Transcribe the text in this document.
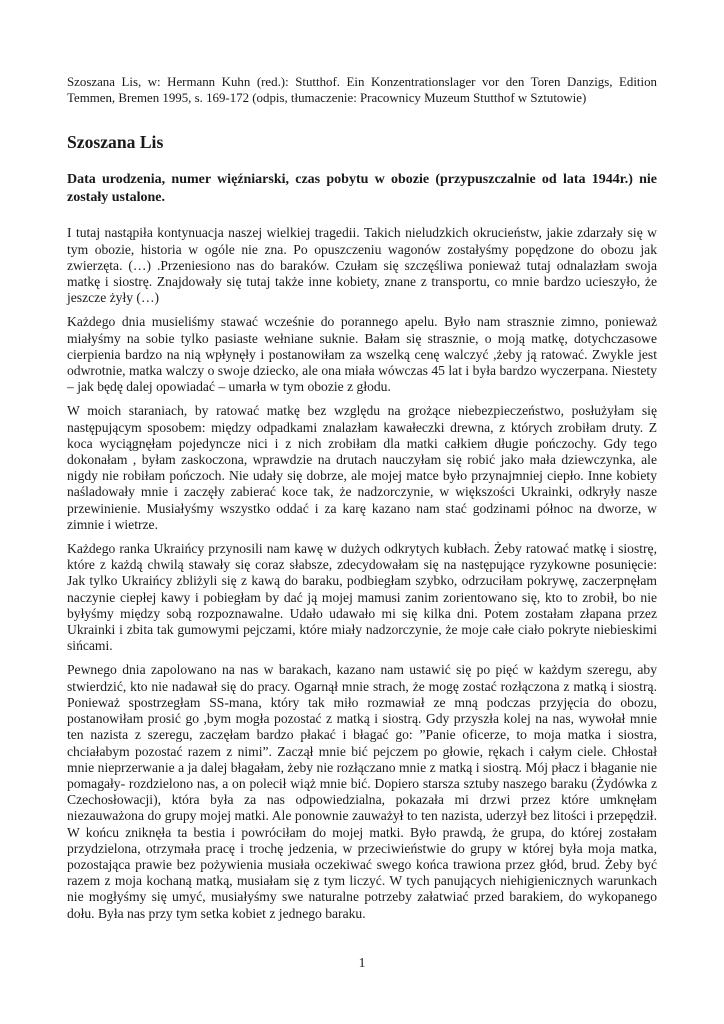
Szoszana Lis, w: Hermann Kuhn (red.): Stutthof. Ein Konzentrationslager vor den Toren Danzigs, Edition Temmen, Bremen 1995, s. 169-172 (odpis, tłumaczenie: Pracownicy Muzeum Stutthof w Sztutowie)

Szoszana Lis

Data urodzenia, numer więźniarski, czas pobytu w obozie (przypuszczalnie od lata 1944r.) nie zostały ustalone.

I tutaj nastąpiła kontynuacja naszej wielkiej tragedii. Takich nieludzkich okrucieństw, jakie zdarzały się w tym obozie, historia w ogóle nie zna. Po opuszczeniu wagonów zostałyśmy popędzone do obozu jak zwierzęta. (…) .Przeniesiono nas do baraków. Czułam się szczęśliwa ponieważ tutaj odnalazłam swoja matkę i siostrę. Znajdowały się tutaj także inne kobiety, znane z transportu, co mnie bardzo ucieszyło, że jeszcze żyły (…)

Każdego dnia musieliśmy stawać wcześnie do porannego apelu. Było nam strasznie zimno, ponieważ miałyśmy na sobie tylko pasiaste wełniane suknie. Bałam się strasznie, o moją matkę, dotychczasowe cierpienia bardzo na nią wpłynęły i postanowiłam za wszelką cenę walczyć ,żeby ją ratować. Zwykle jest odwrotnie, matka walczy o swoje dziecko, ale ona miała wówczas 45 lat i była bardzo wyczerpana. Niestety – jak będę dalej opowiadać – umarła w tym obozie z głodu.

W moich staraniach, by ratować matkę bez względu na grożące niebezpieczeństwo, posłużyłam się następującym sposobem: między odpadkami znalazłam kawałeczki drewna, z których zrobiłam druty. Z koca wyciągnęłam pojedyncze nici i z nich zrobiłam dla matki całkiem długie pończochy. Gdy tego dokonałam , byłam zaskoczona, wprawdzie na drutach nauczyłam się robić jako mała dziewczynka, ale nigdy nie robiłam pończoch. Nie udały się dobrze, ale mojej matce było przynajmniej ciepło. Inne kobiety naśladowały mnie i zaczęły zabierać koce tak, że nadzorczynie, w większości Ukrainki, odkryły nasze przewinienie. Musiałyśmy wszystko oddać i za karę kazano nam stać godzinami północ na dworze, w zimnie i wietrze.

Każdego ranka Ukraińcy przynosili nam kawę w dużych odkrytych kubłach. Żeby ratować matkę i siostrę, które z każdą chwilą stawały się coraz słabsze, zdecydowałam się na następujące ryzykowne posunięcie: Jak tylko Ukraińcy zbliżyli się z kawą do baraku, podbiegłam szybko, odrzuciłam pokrywę, zaczerpnęłam naczynie ciepłej kawy i pobiegłam by dać ją mojej mamusi zanim zorientowano się, kto to zrobił, bo nie byłyśmy między sobą rozpoznawalne. Udało udawało mi się kilka dni. Potem zostałam złapana przez Ukrainki i zbita tak gumowymi pejczami, które miały nadzorczynie, że moje całe ciało pokryte niebieskimi sińcami.

Pewnego dnia zapolowano na nas w barakach, kazano nam ustawić się po pięć w każdym szeregu, aby stwierdzić, kto nie nadawał się do pracy. Ogarnął mnie strach, że mogę zostać rozłączona z matką i siostrą. Ponieważ spostrzegłam SS-mana, który tak miło rozmawiał ze mną podczas przyjęcia do obozu, postanowiłam prosić go ,bym mogła pozostać z matką i siostrą. Gdy przyszła kolej na nas, wywołał mnie ten nazista z szeregu, zaczęłam bardzo płakać i błagać go: ”Panie oficerze, to moja matka i siostra, chciałabym pozostać razem z nimi”. Zaczął mnie bić pejczem po głowie, rękach i całym ciele. Chłostał mnie nieprzerwanie a ja dalej błagałam, żeby nie rozłączano mnie z matką i siostrą. Mój płacz i błaganie nie pomagały- rozdzielono nas, a on polecił wiąż mnie bić. Dopiero starsza sztuby naszego baraku (Żydówka z Czechosłowacji), która była za nas odpowiedzialna, pokazała mi drzwi przez które umknęłam niezauważona do grupy mojej matki. Ale ponownie zauważył to ten nazista, uderzył bez litości i przepędził. W końcu zniknęła ta bestia i powróciłam do mojej matki. Było prawdą, że grupa, do której zostałam przydzielona, otrzymała pracę i trochę jedzenia, w przeciwieństwie do grupy w której była moja matka, pozostająca prawie bez pożywienia musiała oczekiwać swego końca trawiona przez głód, brud. Żeby być razem z moja kochaną matką, musiałam się z tym liczyć. W tych panujących niehigienicznych warunkach nie mogłyśmy się umyć, musiałyśmy swe naturalne potrzeby załatwiać przed barakiem, do wykopanego dołu. Była nas przy tym setka kobiet z jednego baraku.

1
